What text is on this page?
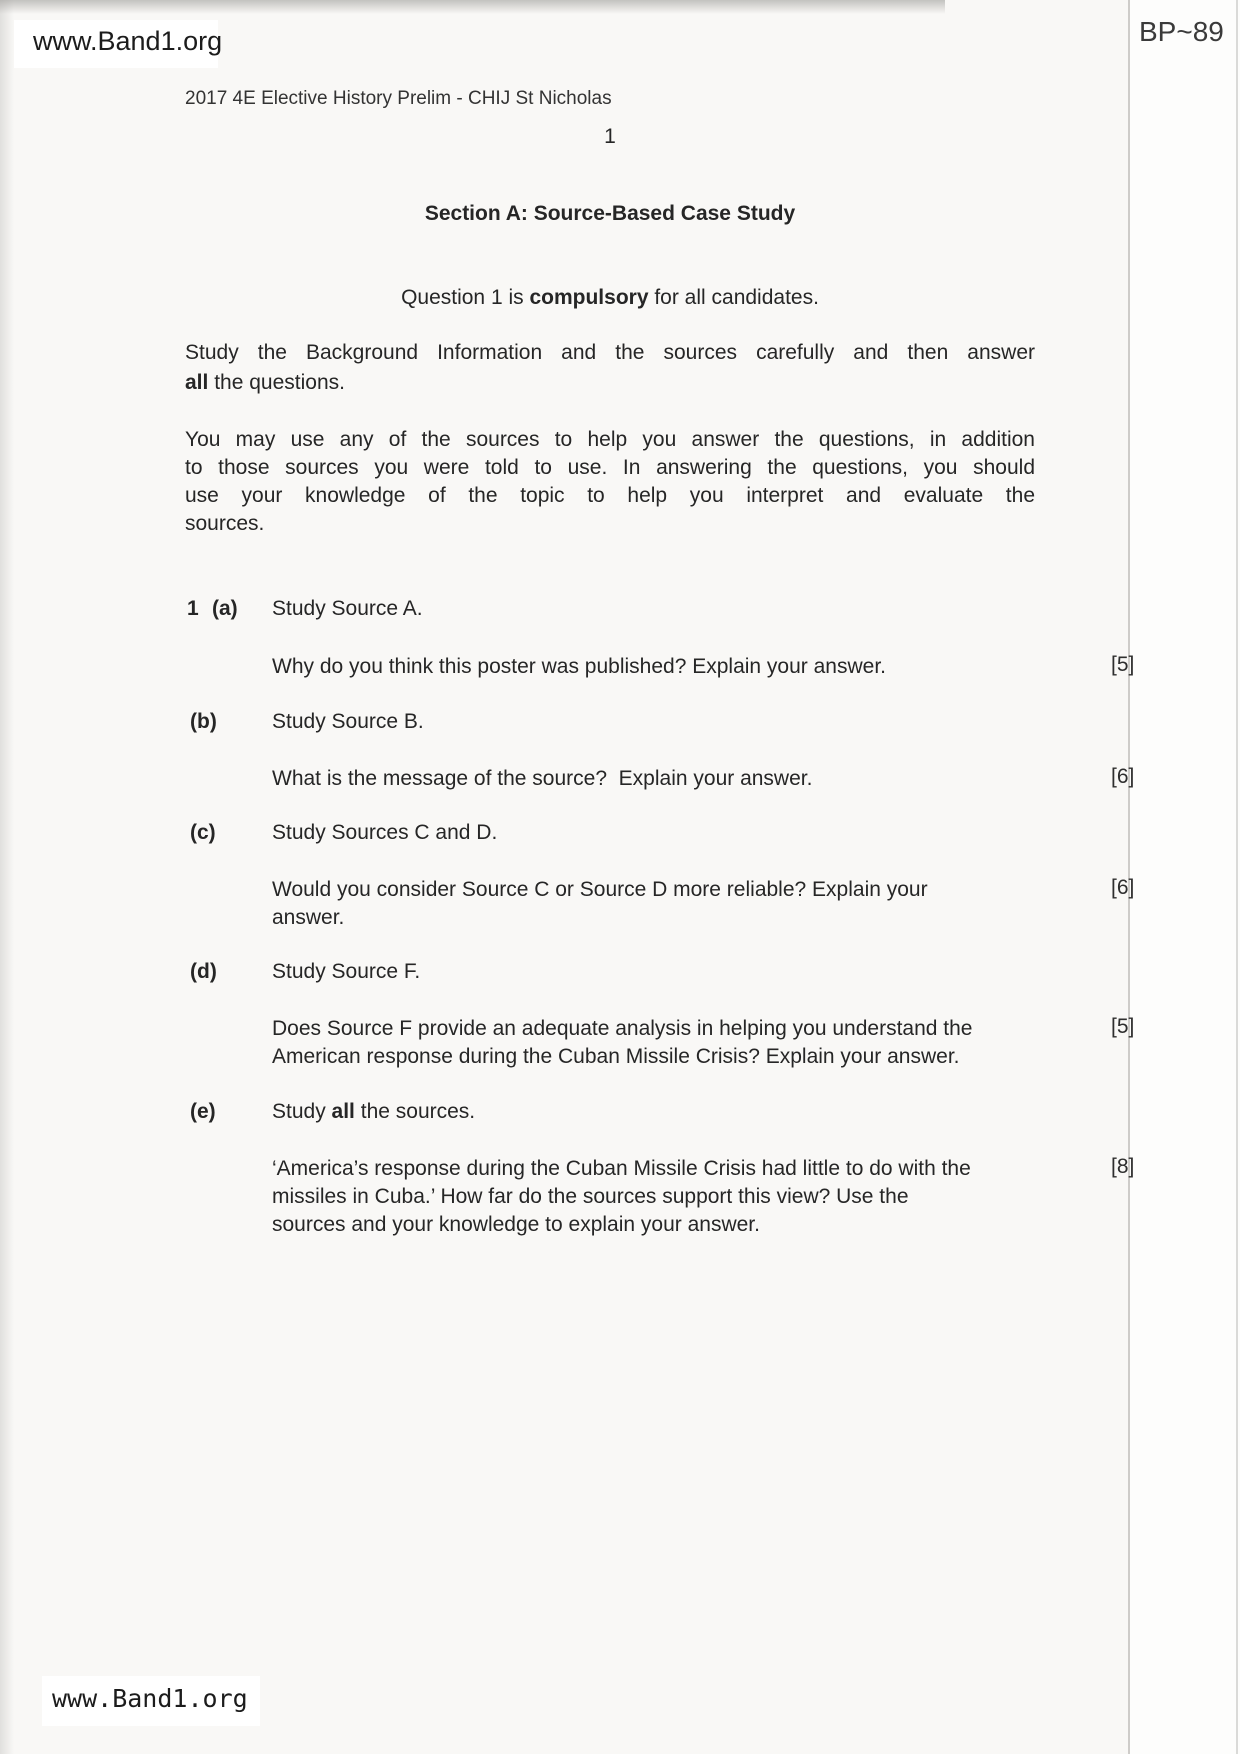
www.Band1.org	BP~89
2017 4E Elective History Prelim - CHIJ St Nicholas
1
Section A: Source-Based Case Study
Question 1 is compulsory for all candidates.
Study the Background Information and the sources carefully and then answer
all the questions.
You may use any of the sources to help you answer the questions, in addition
to those sources you were told to use. In answering the questions, you should
use your knowledge of the topic to help you interpret and evaluate the
sources.
1 (a) Study Source A.
Why do you think this poster was published? Explain your answer.	[5]
(b)	Study Source B.
What is the message of the source?  Explain your answer.	[6]
(c)	Study Sources C and D.
Would you consider Source C or Source D more reliable? Explain your
answer.
[6]
(d)	Study Source F.
Does Source F provide an adequate analysis in helping you understand the
American response during the Cuban Missile Crisis? Explain your answer.
[5]
(e)	Study all the sources.
‘America’s response during the Cuban Missile Crisis had little to do with the
missiles in Cuba.’ How far do the sources support this view? Use the
sources and your knowledge to explain your answer.
[8]
www.Band1.org
